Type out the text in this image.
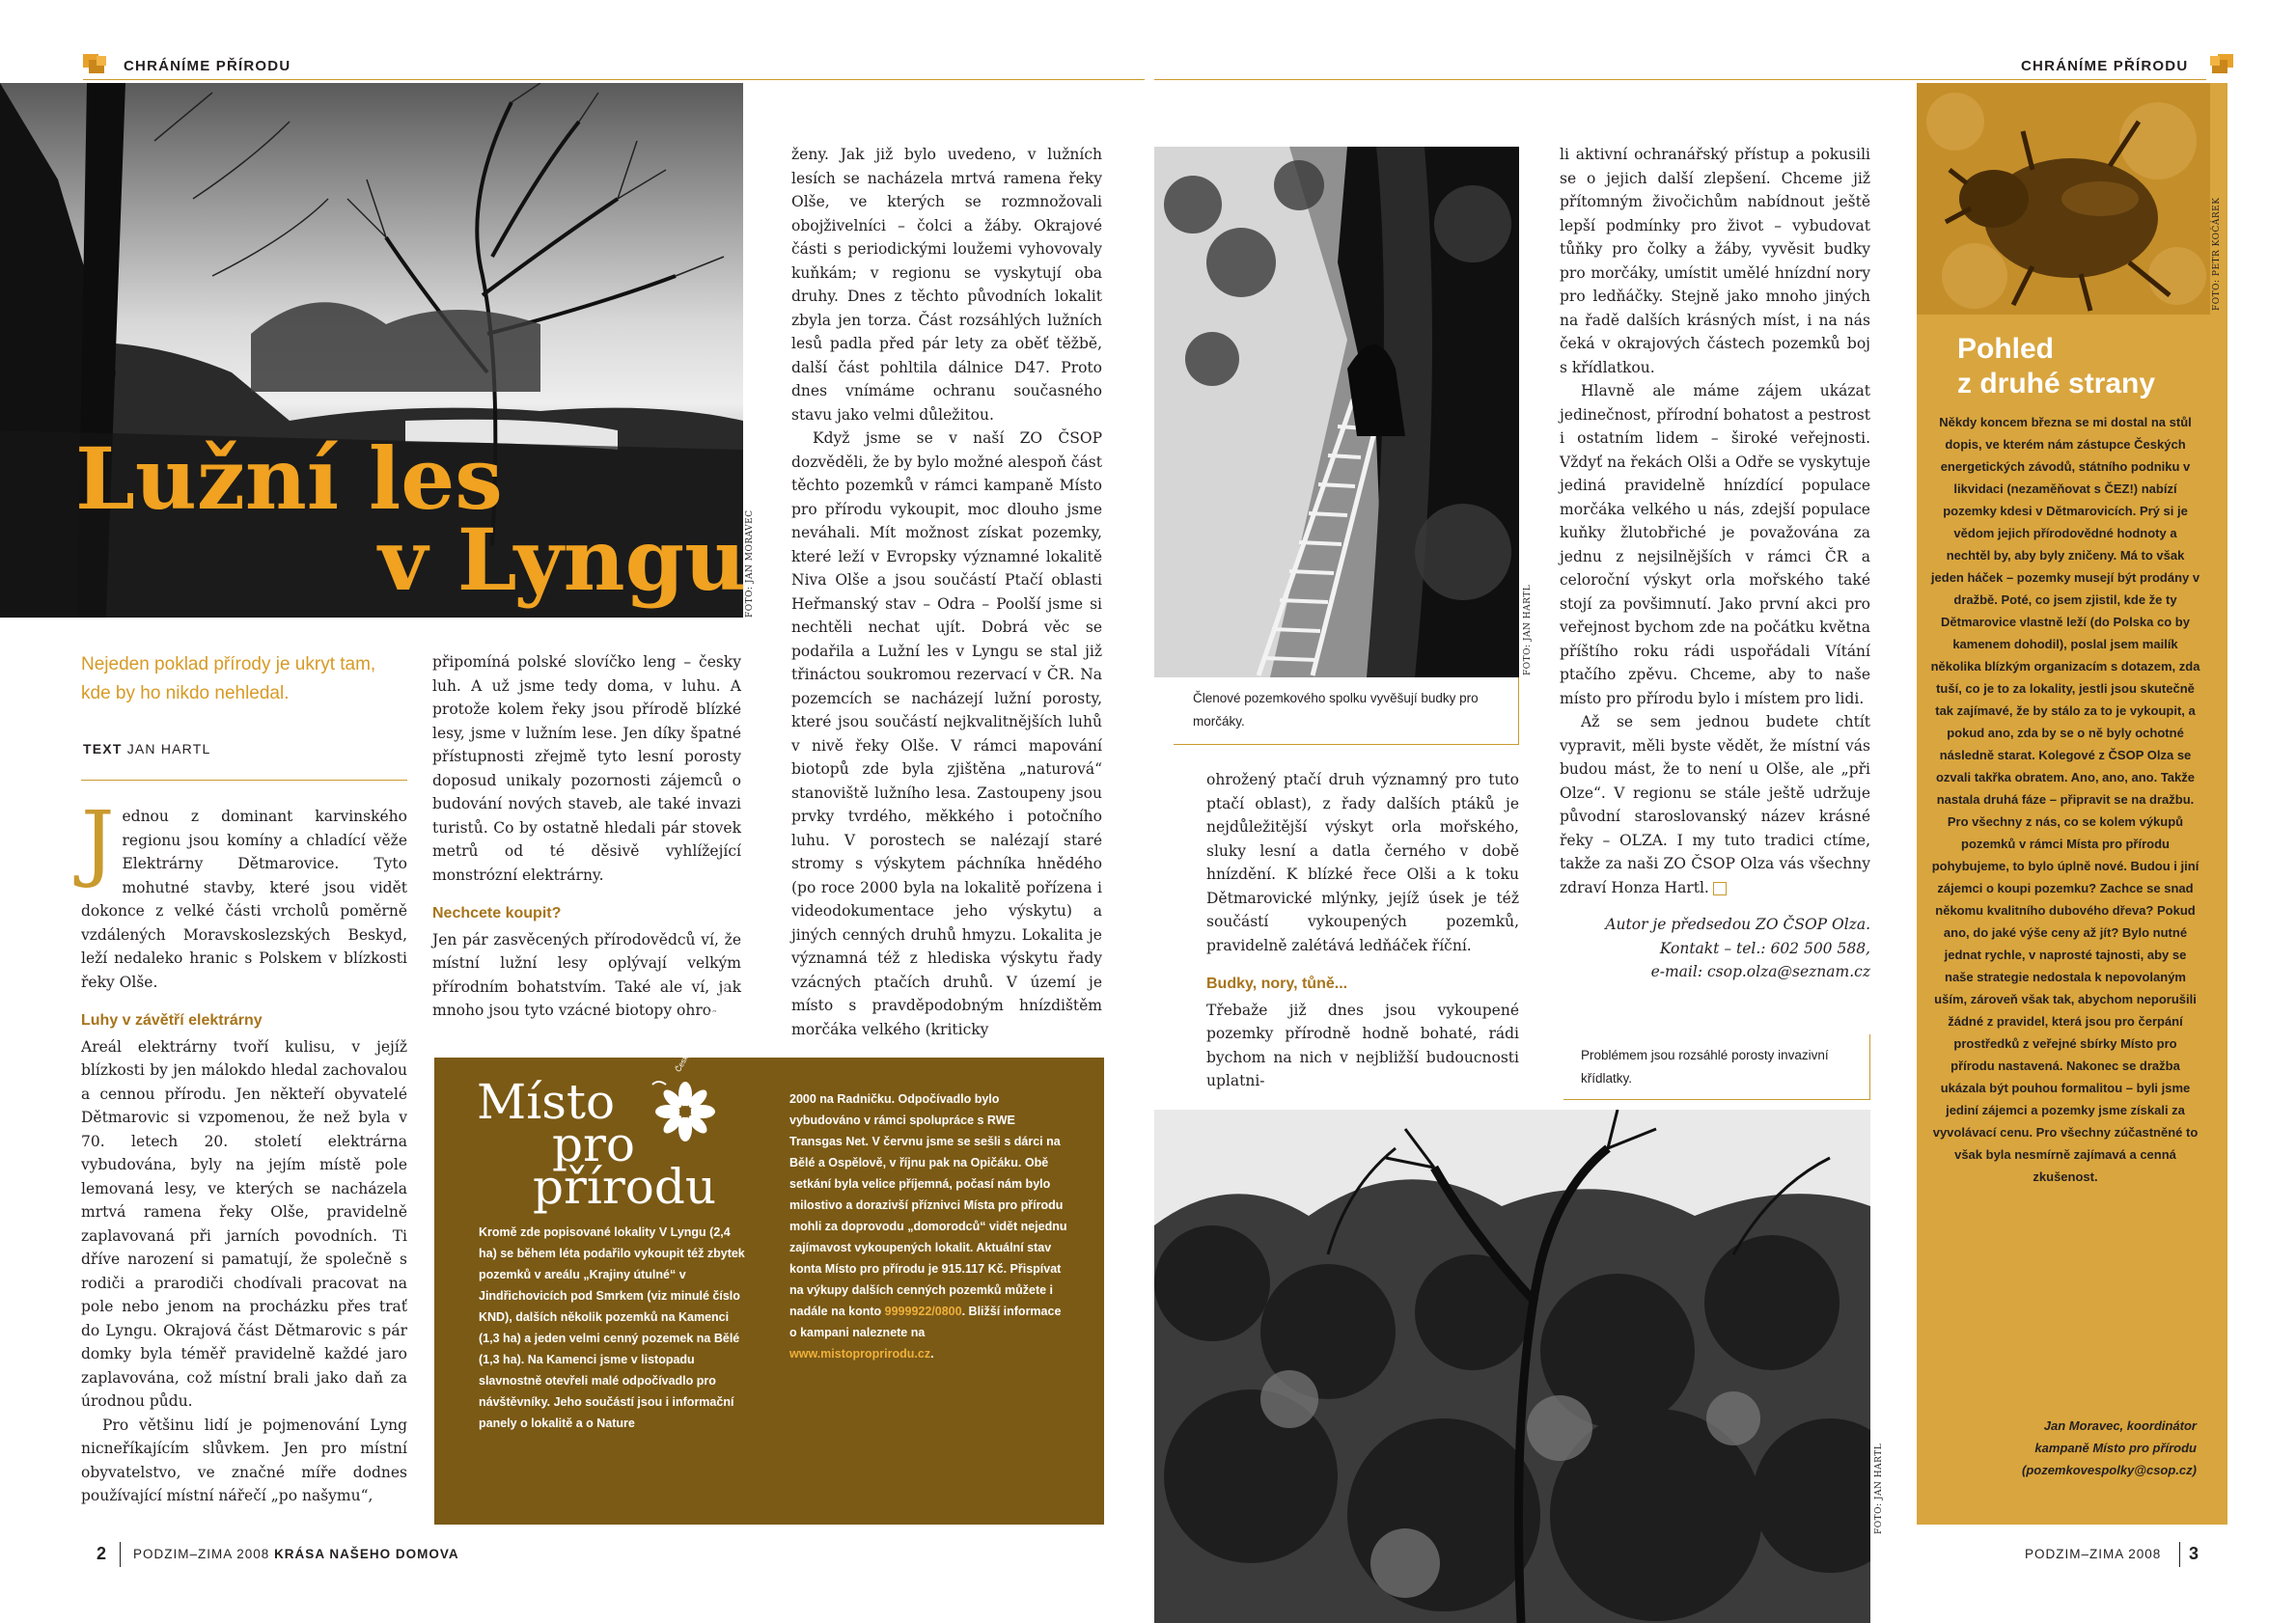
CHRÁNÍME PŘÍRODU	CHRÁNÍME PŘÍRODU
FOTO: JAN MORAVEC
Lužní les
v Lyngu
Nejeden poklad přírody je ukryt tam, kde by ho nikdo nehledal.
TEXT JAN HARTL

Jednou z dominant karvinského regionu jsou komíny a chladící věže Elektrárny Dětmarovice. Tyto mohutné stavby, které jsou vidět dokonce z velké části vrcholů poměrně vzdálených Moravskoslezských Beskyd, leží nedaleko hranic s Polskem v blízkosti řeky Olše.

Luhy v závětří elektrárny

Areál elektrárny tvoří kulisu, v jejíž blízkosti by jen málokdo hledal zachovalou a cennou přírodu. Jen někteří obyvatelé Dětmarovic si vzpomenou, že než byla v 70. letech 20. století elektrárna vybudována, byly na jejím místě pole lemovaná lesy, ve kterých se nacházela mrtvá ramena řeky Olše, pravidelně zaplavovaná při jarních povodních. Ti dříve narození si pamatují, že společně s rodiči a prarodiči chodívali pracovat na pole nebo jenom na procházku přes trať do Lyngu. Okrajová část Dětmarovic s pár domky byla téměř pravidelně každé jaro zaplavována, což místní brali jako daň za úrodnou půdu.

Pro většinu lidí je pojmenování Lyng nicneříkajícím slůvkem. Jen pro místní obyvatelstvo, ve značné míře dodnes používající místní nářečí „po našymu“,

připomíná polské slovíčko leng – česky luh. A už jsme tedy doma, v luhu. A protože kolem řeky jsou přírodě blízké lesy, jsme v lužním lese. Jen díky špatné přístupnosti zřejmě tyto lesní porosty doposud unikaly pozornosti zájemců o budování nových staveb, ale také invazi turistů. Co by ostatně hledali pár stovek metrů od té děsivě vyhlížející monstrózní elektrárny.

Nechcete koupit?

Jen pár zasvěcených přírodovědců ví, že místní lužní lesy oplývají velkým přírodním bohatstvím. Také ale ví, jak mnoho jsou tyto vzácné biotopy ohro-

ženy. Jak již bylo uvedeno, v lužních lesích se nacházela mrtvá ramena řeky Olše, ve kterých se rozmnožovali obojživelníci – čolci a žáby. Okrajové části s periodickými loužemi vyhovovaly kuňkám; v regionu se vyskytují oba druhy. Dnes z těchto původních lokalit zbyla jen torza. Část rozsáhlých lužních lesů padla před pár lety za oběť těžbě, další část pohltila dálnice D47. Proto dnes vnímáme ochranu současného stavu jako velmi důležitou.

Když jsme se v naší ZO ČSOP dozvěděli, že by bylo možné alespoň část těchto pozemků v rámci kampaně Místo pro přírodu vykoupit, moc dlouho jsme neváhali. Mít možnost získat pozemky, které leží v Evropsky významné lokalitě Niva Olše a jsou součástí Ptačí oblasti Heřmanský stav – Odra – Poolší jsme si nechtěli nechat ujít. Dobrá věc se podařila a Lužní les v Lyngu se stal již třináctou soukromou rezervací v ČR. Na pozemcích se nacházejí lužní porosty, které jsou součástí nejkvalitnějších luhů v nivě řeky Olše. V rámci mapování biotopů zde byla zjištěna „naturová“ stanoviště lužního lesa. Zastoupeny jsou prvky tvrdého, měkkého i potočního luhu. V porostech se nalézají staré stromy s výskytem páchníka hnědého (po roce 2000 byla na lokalitě pořízena i videodokumentace jeho výskytu) a jiných cenných druhů hmyzu. Lokalita je významná též z hlediska výskytu řady vzácných ptačích druhů. V území je místo s pravděpodobným hnízdištěm morčáka velkého (kriticky

Místo
pro
přírodu
Český svaz ochránců přírody
Kromě zde popisované lokality V Lyngu (2,4 ha) se během léta podařilo vykoupit též zbytek pozemků v areálu „Krajiny útulné“ v Jindřichovicích pod Smrkem (viz minulé číslo KND), dalších několik pozemků na Kamenci (1,3 ha) a jeden velmi cenný pozemek na Bělé (1,3 ha). Na Kamenci jsme v listopadu slavnostně otevřeli malé odpočívadlo pro návštěvníky. Jeho součástí jsou i informační panely o lokalitě a o Nature
2000 na Radničku. Odpočívadlo bylo vybudováno v rámci spolupráce s RWE Transgas Net. V červnu jsme se sešli s dárci na Bělé a Ospělově, v říjnu pak na Opičáku. Obě setkání byla velice příjemná, počasí nám bylo milostivo a dorazivší příznivci Místa pro přírodu mohli za doprovodu „domorodců“ vidět nejednu zajímavost vykoupených lokalit. Aktuální stav konta Místo pro přírodu je 915.117 Kč. Přispívat na výkupy dalších cenných pozemků můžete i nadále na konto 9999922/0800. Bližší informace o kampani naleznete na www.mistoproprirodu.cz.
FOTO: JAN HARTL
Členové pozemkového spolku vyvěšují budky pro morčáky.

ohrožený ptačí druh významný pro tuto ptačí oblast), z řady dalších ptáků je nejdůležitější výskyt orla mořského, sluky lesní a datla černého v době hnízdění. K blízké řece Olši a k toku Dětmarovické mlýnky, jejíž úsek je též součástí vykoupených pozemků, pravidelně zalétává ledňáček říční.

Budky, nory, tůně...

Třebaže již dnes jsou vykoupené pozemky přírodně hodně bohaté, rádi bychom na nich v nejbližší budoucnosti uplatni-

li aktivní ochranářský přístup a pokusili se o jejich další zlepšení. Chceme již přítomným živočichům nabídnout ještě lepší podmínky pro život – vybudovat tůňky pro čolky a žáby, vyvěsit budky pro morčáky, umístit umělé hnízdní nory pro ledňáčky. Stejně jako mnoho jiných na řadě dalších krásných míst, i na nás čeká v okrajových částech pozemků boj s křídlatkou.

Hlavně ale máme zájem ukázat jedinečnost, přírodní bohatost a pestrost i ostatním lidem – široké veřejnosti. Vždyť na řekách Olši a Odře se vyskytuje jediná pravidelně hnízdící populace morčáka velkého u nás, zdejší populace kuňky žlutobřiché je považována za jednu z nejsilnějších v rámci ČR a celoroční výskyt orla mořského také stojí za povšimnutí. Jako první akci pro veřejnost bychom zde na počátku května příštího roku rádi uspořádali Vítání ptačího zpěvu. Chceme, aby to naše místo pro přírodu bylo i místem pro lidi.

Až se sem jednou budete chtít vypravit, měli byste vědět, že místní vás budou mást, že to není u Olše, ale „při Olze“. V regionu se stále ještě udržuje původní staroslovanský název krásné řeky – OLZA. I my tuto tradici ctíme, takže za naši ZO ČSOP Olza vás všechny zdraví Honza Hartl.

Autor je předsedou ZO ČSOP Olza.
Kontakt – tel.: 602 500 588,
e-mail: csop.olza@seznam.cz
Problémem jsou rozsáhlé porosty invazivní křídlatky.
FOTO: JAN HARTL
FOTO: PETR KOČÁREK
Pohled
z druhé strany
Někdy koncem března se mi dostal na stůl dopis, ve kterém nám zástupce Českých energetických závodů, státního podniku v likvidaci (nezaměňovat s ČEZ!) nabízí pozemky kdesi v Dětmarovicích. Prý si je vědom jejich přírodovědné hodnoty a nechtěl by, aby byly zničeny. Má to však jeden háček – pozemky musejí být prodány v dražbě. Poté, co jsem zjistil, kde že ty Dětmarovice vlastně leží (do Polska co by kamenem dohodil), poslal jsem mailík několika blízkým organizacím s dotazem, zda tuší, co je to za lokality, jestli jsou skutečně tak zajímavé, že by stálo za to je vykoupit, a pokud ano, zda by se o ně byly ochotné následně starat. Kolegové z ČSOP Olza se ozvali takřka obratem. Ano, ano, ano. Takže nastala druhá fáze – připravit se na dražbu. Pro všechny z nás, co se kolem výkupů pozemků v rámci Místa pro přírodu pohybujeme, to bylo úplně nové. Budou i jiní zájemci o koupi pozemku? Zachce se snad někomu kvalitního dubového dřeva? Pokud ano, do jaké výše ceny až jít? Bylo nutné jednat rychle, v naprosté tajnosti, aby se naše strategie nedostala k nepovolaným uším, zároveň však tak, abychom neporušili žádné z pravidel, která jsou pro čerpání prostředků z veřejné sbírky Místo pro přírodu nastavená. Nakonec se dražba ukázala být pouhou formalitou – byli jsme jediní zájemci a pozemky jsme získali za vyvolávací cenu. Pro všechny zúčastněné to však byla nesmírně zajímavá a cenná zkušenost.
Jan Moravec, koordinátor
kampaně Místo pro přírodu
(pozemkovespolky@csop.cz)
2 PODZIM–ZIMA 2008 KRÁSA NAŠEHO DOMOVA	PODZIM–ZIMA 2008 3
